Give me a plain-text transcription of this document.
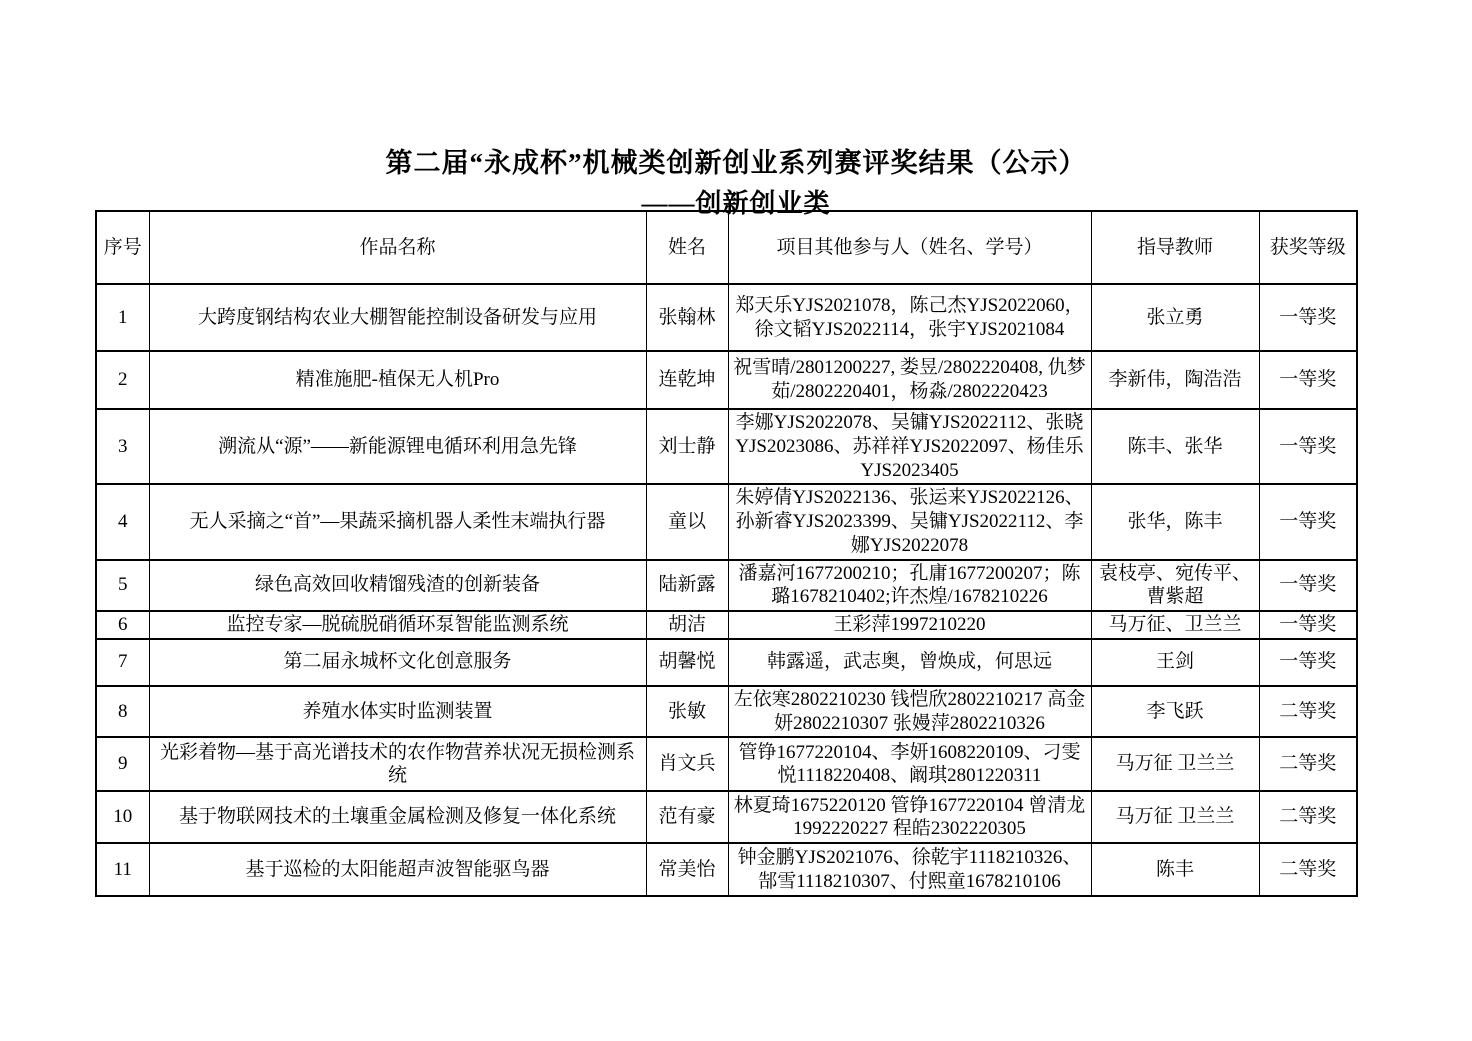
第二届“永成杯”机械类创新创业系列赛评奖结果（公示）
——创新创业类
序号	作品名称	姓名	项目其他参与人（姓名、学号）	指导教师	获奖等级
1	大跨度钢结构农业大棚智能控制设备研发与应用	张翰林	郑天乐YJS2021078，陈己杰YJS2022060，徐文韬YJS2022114，张宇YJS2021084	张立勇	一等奖
2	精准施肥-植保无人机Pro	连乾坤	祝雪晴/2801200227, 娄昱/2802220408, 仇梦茹/2802220401，杨淼/2802220423	李新伟，陶浩浩	一等奖
3	溯流从“源”——新能源锂电循环利用急先锋	刘士静	李娜YJS2022078、吴镛YJS2022112、张晓YJS2023086、苏祥祥YJS2022097、杨佳乐YJS2023405	陈丰、张华	一等奖
4	无人采摘之“首”—果蔬采摘机器人柔性末端执行器	童以	朱婷倩YJS2022136、张运来YJS2022126、孙新睿YJS2023399、吴镛YJS2022112、李娜YJS2022078	张华，陈丰	一等奖
5	绿色高效回收精馏残渣的创新装备	陆新露	潘嘉河1677200210；孔庸1677200207；陈璐1678210402;许杰煌/1678210226	袁枝亭、宛传平、曹紫超	一等奖
6	监控专家—脱硫脱硝循环泵智能监测系统	胡洁	王彩萍1997210220	马万征、卫兰兰	一等奖
7	第二届永城杯文化创意服务	胡馨悦	韩露遥，武志奥，曾焕成，何思远	王剑	一等奖
8	养殖水体实时监测装置	张敏	左依寒2802210230 钱恺欣2802210217 高金妍2802210307 张嫚萍2802210326	李飞跃	二等奖
9	光彩着物—基于高光谱技术的农作物营养状况无损检测系统	肖文兵	管铮1677220104、李妍1608220109、刁雯悦1118220408、阚琪2801220311	马万征 卫兰兰	二等奖
10	基于物联网技术的土壤重金属检测及修复一体化系统	范有豪	林夏琦1675220120 管铮1677220104 曾清龙1992220227 程皓2302220305	马万征 卫兰兰	二等奖
11	基于巡检的太阳能超声波智能驱鸟器	常美怡	钟金鹏YJS2021076、徐乾宇1118210326、郜雪1118210307、付熙童1678210106	陈丰	二等奖
